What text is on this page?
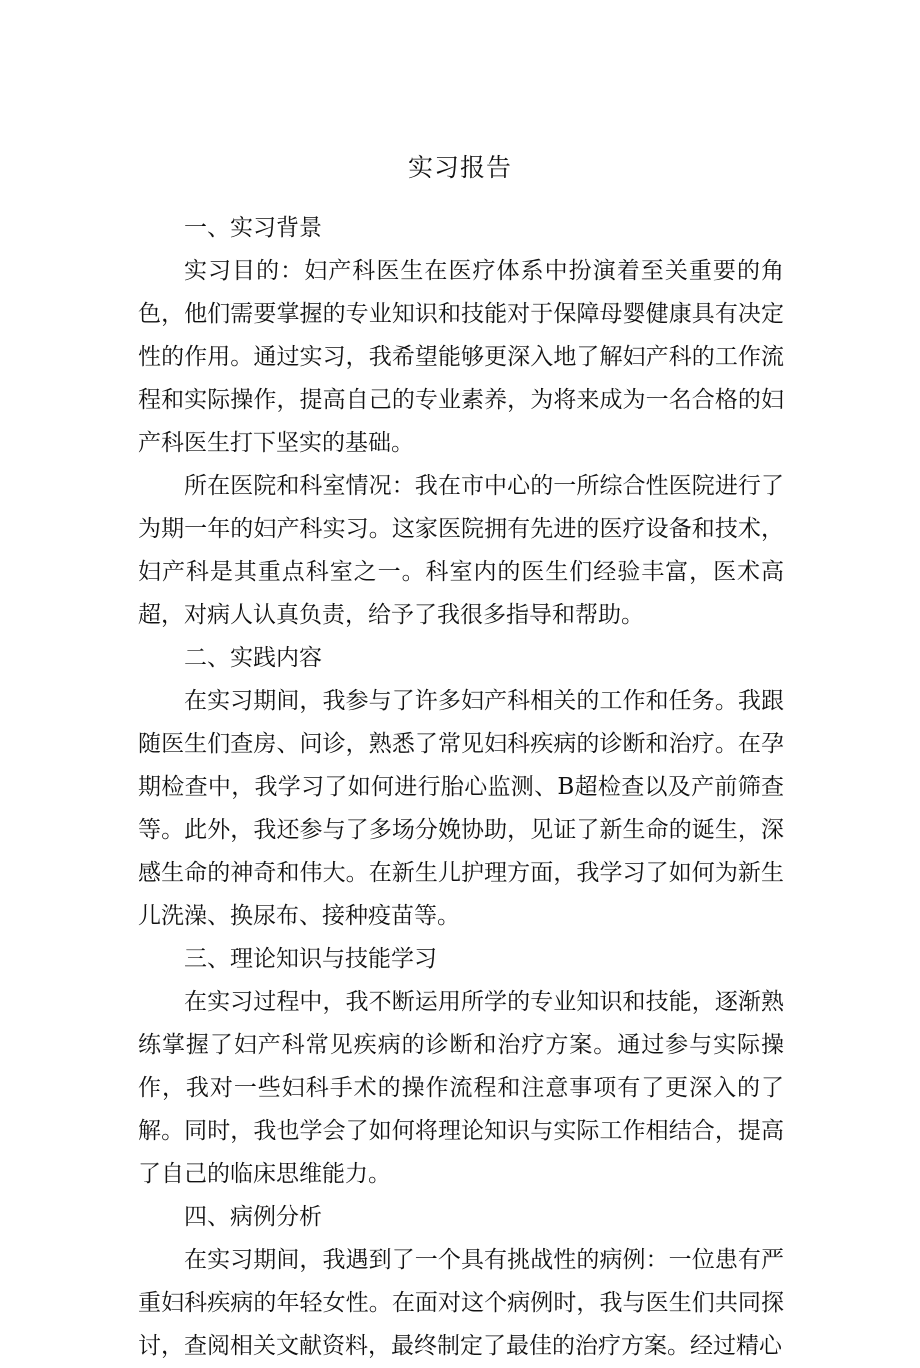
实习报告
一、实习背景

实习目的：妇产科医生在医疗体系中扮演着至关重要的角色，他们需要掌握的专业知识和技能对于保障母婴健康具有决定性的作用。通过实习，我希望能够更深入地了解妇产科的工作流程和实际操作，提高自己的专业素养，为将来成为一名合格的妇产科医生打下坚实的基础。

所在医院和科室情况：我在市中心的一所综合性医院进行了为期一年的妇产科实习。这家医院拥有先进的医疗设备和技术，妇产科是其重点科室之一。科室内的医生们经验丰富，医术高超，对病人认真负责，给予了我很多指导和帮助。

二、实践内容

在实习期间，我参与了许多妇产科相关的工作和任务。我跟随医生们查房、问诊，熟悉了常见妇科疾病的诊断和治疗。在孕期检查中，我学习了如何进行胎心监测、B超检查以及产前筛查等。此外，我还参与了多场分娩协助，见证了新生命的诞生，深感生命的神奇和伟大。在新生儿护理方面，我学习了如何为新生儿洗澡、换尿布、接种疫苗等。

三、理论知识与技能学习

在实习过程中，我不断运用所学的专业知识和技能，逐渐熟练掌握了妇产科常见疾病的诊断和治疗方案。通过参与实际操作，我对一些妇科手术的操作流程和注意事项有了更深入的了解。同时，我也学会了如何将理论知识与实际工作相结合，提高了自己的临床思维能力。

四、病例分析

在实习期间，我遇到了一个具有挑战性的病例：一位患有严重妇科疾病的年轻女性。在面对这个病例时，我与医生们共同探讨，查阅相关文献资料，最终制定了最佳的治疗方案。经过精心
